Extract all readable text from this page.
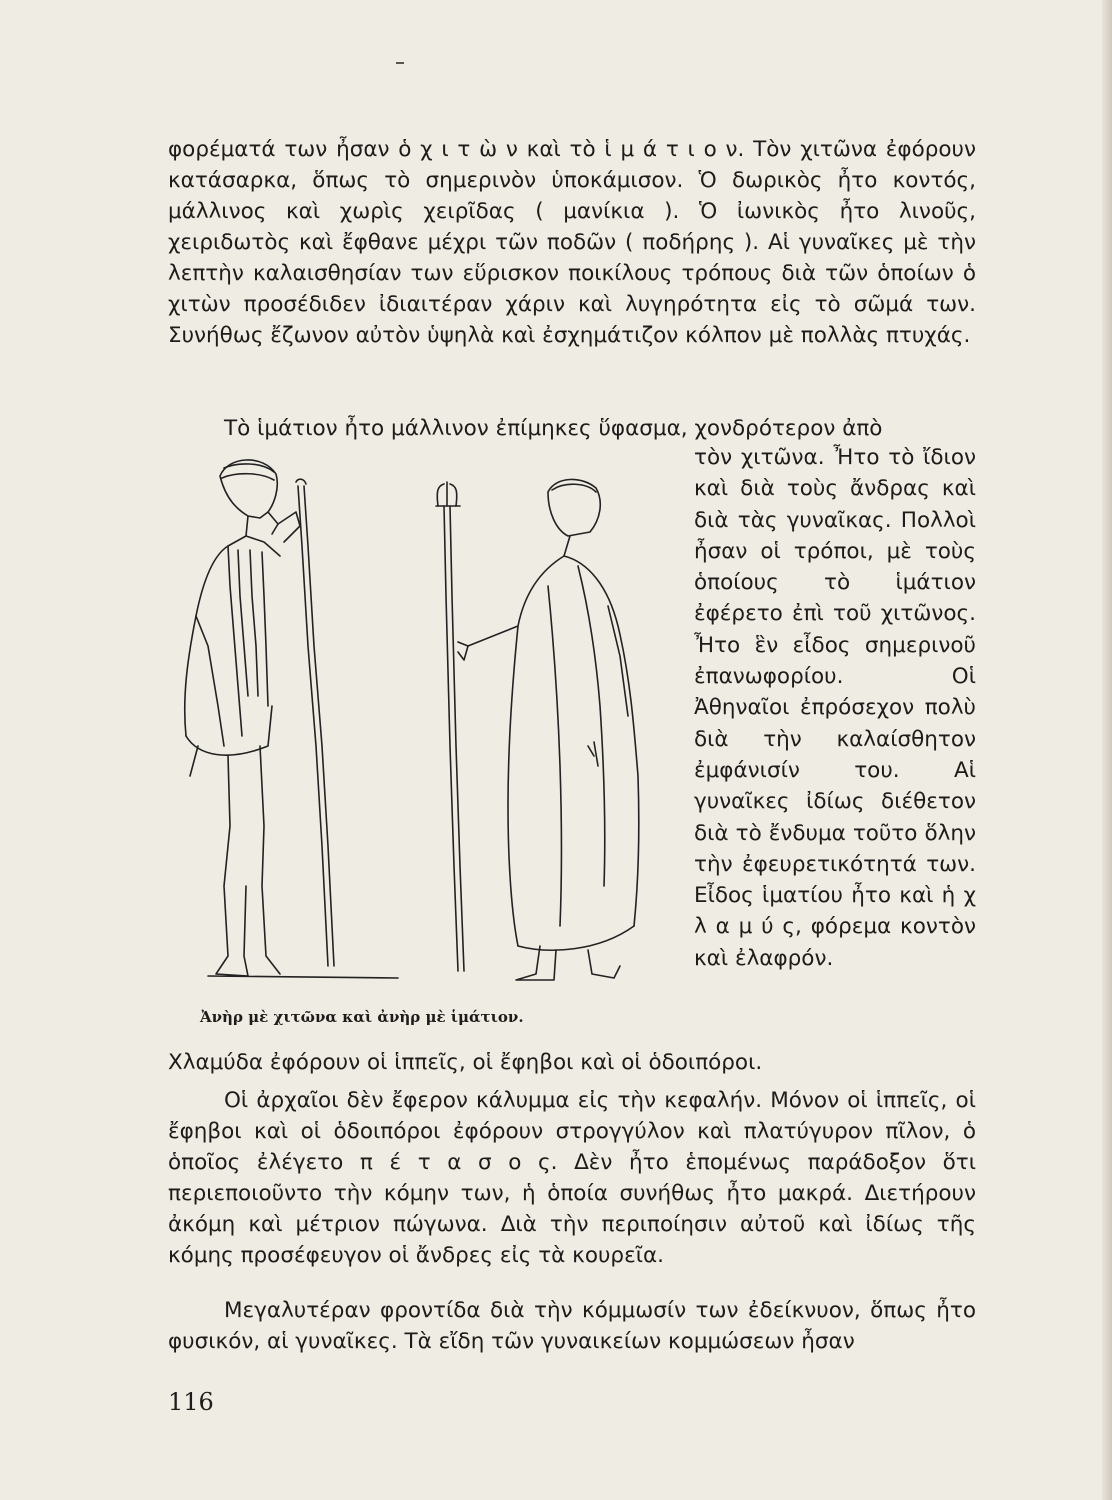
φορέματά των ἦσαν ὁ χ ι τ ὼ ν καὶ τὸ ἱ μ ά τ ι ο ν. Τὸν χιτῶνα ἐφόρουν κατάσαρκα, ὅπως τὸ σημερινὸν ὑποκάμισον. Ὁ δωρικὸς ἦτο κοντός, μάλλινος καὶ χωρὶς χειρῖδας ( μανίκια ). Ὁ ἰωνικὸς ἦτο λινοῦς, χειριδωτὸς καὶ ἔφθανε μέχρι τῶν ποδῶν ( ποδήρης ). Αἱ γυναῖκες μὲ τὴν λεπτὴν καλαισθησίαν των εὕρισκον ποικίλους τρόπους διὰ τῶν ὁποίων ὁ χιτὼν προσέδιδεν ἰδιαιτέραν χάριν καὶ λυγηρότητα εἰς τὸ σῶμά των. Συνήθως ἔζωνον αὐτὸν ὑψηλὰ καὶ ἐσχημάτιζον κόλπον μὲ πολλὰς πτυχάς.

Τὸ ἱμάτιον ἦτο μάλλινον ἐπίμηκες ὕφασμα, χονδρότερον ἀπὸ

τὸν χιτῶνα. Ἦτο τὸ ἴδιον καὶ διὰ τοὺς ἄνδρας καὶ διὰ τὰς γυναῖκας. Πολλοὶ ἦσαν οἱ τρόποι, μὲ τοὺς ὁποίους τὸ ἱμάτιον ἐφέρετο ἐπὶ τοῦ χιτῶνος. Ἦτο ἓν εἶδος σημερινοῦ ἐπανωφορίου. Οἱ Ἀθηναῖοι ἐπρόσεχον πολὺ διὰ τὴν καλαίσθητον ἐμφάνισίν του. Αἱ γυναῖκες ἰδίως διέθετον διὰ τὸ ἔνδυμα τοῦτο ὅλην τὴν ἐφευρετικότητά των. Εἶδος ἱματίου ἦτο καὶ ἡ χ λ α μ ύ ς, φόρεμα κοντὸν καὶ ἐλαφρόν.

Ἀνὴρ μὲ χιτῶνα καὶ ἀνὴρ μὲ ἱμάτιον.

Χλαμύδα ἐφόρουν οἱ ἱππεῖς, οἱ ἔφηβοι καὶ οἱ ὁδοιπόροι.

Οἱ ἀρχαῖοι δὲν ἔφερον κάλυμμα εἰς τὴν κεφαλήν. Μόνον οἱ ἱππεῖς, οἱ ἔφηβοι καὶ οἱ ὁδοιπόροι ἐφόρουν στρογγύλον καὶ πλατύγυρον πῖλον, ὁ ὁποῖος ἐλέγετο π έ τ α σ ο ς. Δὲν ἦτο ἑπομένως παράδοξον ὅτι περιεποιοῦντο τὴν κόμην των, ἡ ὁποία συνήθως ἦτο μακρά. Διετήρουν ἀκόμη καὶ μέτριον πώγωνα. Διὰ τὴν περιποίησιν αὐτοῦ καὶ ἰδίως τῆς κόμης προσέφευγον οἱ ἄνδρες εἰς τὰ κουρεῖα.

Μεγαλυτέραν φροντίδα διὰ τὴν κόμμωσίν των ἐδείκνυον, ὅπως ἦτο φυσικόν, αἱ γυναῖκες. Τὰ εἴδη τῶν γυναικείων κομμώσεων ἦσαν

116
